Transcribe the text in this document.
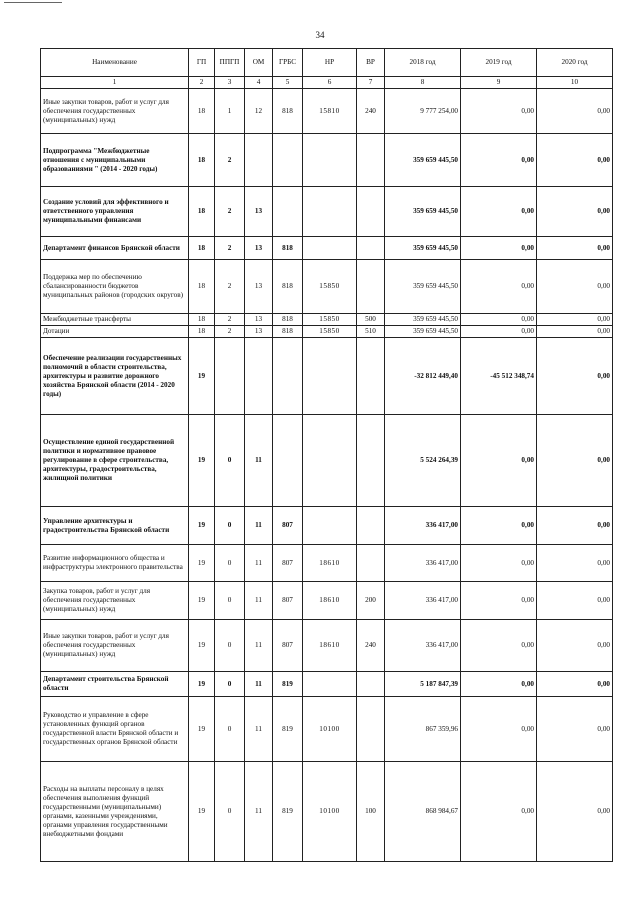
34
Наименование	ГП	ППГП	ОМ	ГРБС	НР	ВР	2018 год	2019 год	2020 год
1	2	3	4	5	6	7	8	9	10
Иные закупки товаров, работ и услуг для обеспечения государственных (муниципальных) нужд	18	1	12	818	15810	240	9 777 254,00	0,00	0,00
Подпрограмма "Межбюджетные отношения с муниципальными образованиями " (2014 - 2020 годы)	18	2					359 659 445,50	0,00	0,00
Создание условий для эффективного и ответственного управления муниципальными финансами	18	2	13				359 659 445,50	0,00	0,00
Департамент финансов Брянской области	18	2	13	818			359 659 445,50	0,00	0,00
Поддержка мер по обеспечению сбалансированности бюджетов муниципальных районов (городских округов)	18	2	13	818	15850		359 659 445,50	0,00	0,00
Межбюджетные трансферты	18	2	13	818	15850	500	359 659 445,50	0,00	0,00
Дотации	18	2	13	818	15850	510	359 659 445,50	0,00	0,00
Обеспечение реализации государственных полномочий в области строительства, архитектуры и развитие дорожного хозяйства Брянской области (2014 - 2020 годы)	19						-32 812 449,40	-45 512 348,74	0,00
Осуществление единой государственной политики и нормативное правовое регулирование в сфере строительства, архитектуры, градостроительства, жилищной политики	19	0	11				5 524 264,39	0,00	0,00
Управление архитектуры и градостроительства Брянской области	19	0	11	807			336 417,00	0,00	0,00
Развитие информационного общества и инфраструктуры электронного правительства	19	0	11	807	18610		336 417,00	0,00	0,00
Закупка товаров, работ и услуг для обеспечения государственных (муниципальных) нужд	19	0	11	807	18610	200	336 417,00	0,00	0,00
Иные закупки товаров, работ и услуг для обеспечения государственных (муниципальных) нужд	19	0	11	807	18610	240	336 417,00	0,00	0,00
Департамент строительства Брянской области	19	0	11	819			5 187 847,39	0,00	0,00
Руководство и управление в сфере установленных функций органов государственной власти Брянской области и государственных органов Брянской области	19	0	11	819	10100		867 359,96	0,00	0,00
Расходы на выплаты персоналу в целях обеспечения выполнения функций государственными (муниципальными) органами, казенными учреждениями, органами управления государственными внебюджетными фондами	19	0	11	819	10100	100	868 984,67	0,00	0,00
